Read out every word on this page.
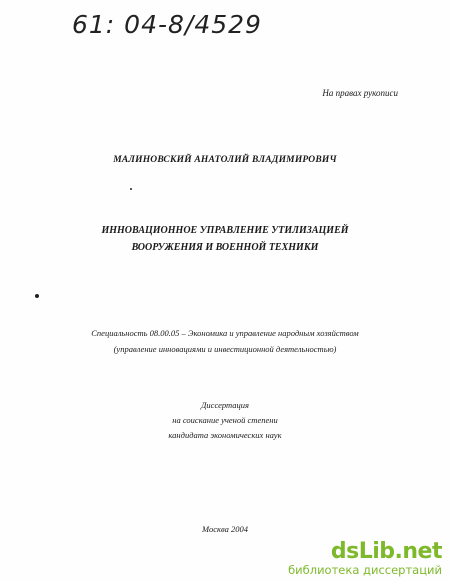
61: 04-8/4529
На правах рукописи
МАЛИНОВСКИЙ АНАТОЛИЙ ВЛАДИМИРОВИЧ
ИННОВАЦИОННОЕ УПРАВЛЕНИЕ УТИЛИЗАЦИЕЙ
ВООРУЖЕНИЯ И ВОЕННОЙ ТЕХНИКИ
Специальность 08.00.05 – Экономика и управление народным хозяйством
(управление инновациями и инвестиционной деятельностью)
Диссертация
на соискание ученой степени
кандидата экономических наук
Москва 2004
dsLib.net
библиотека диссертаций
